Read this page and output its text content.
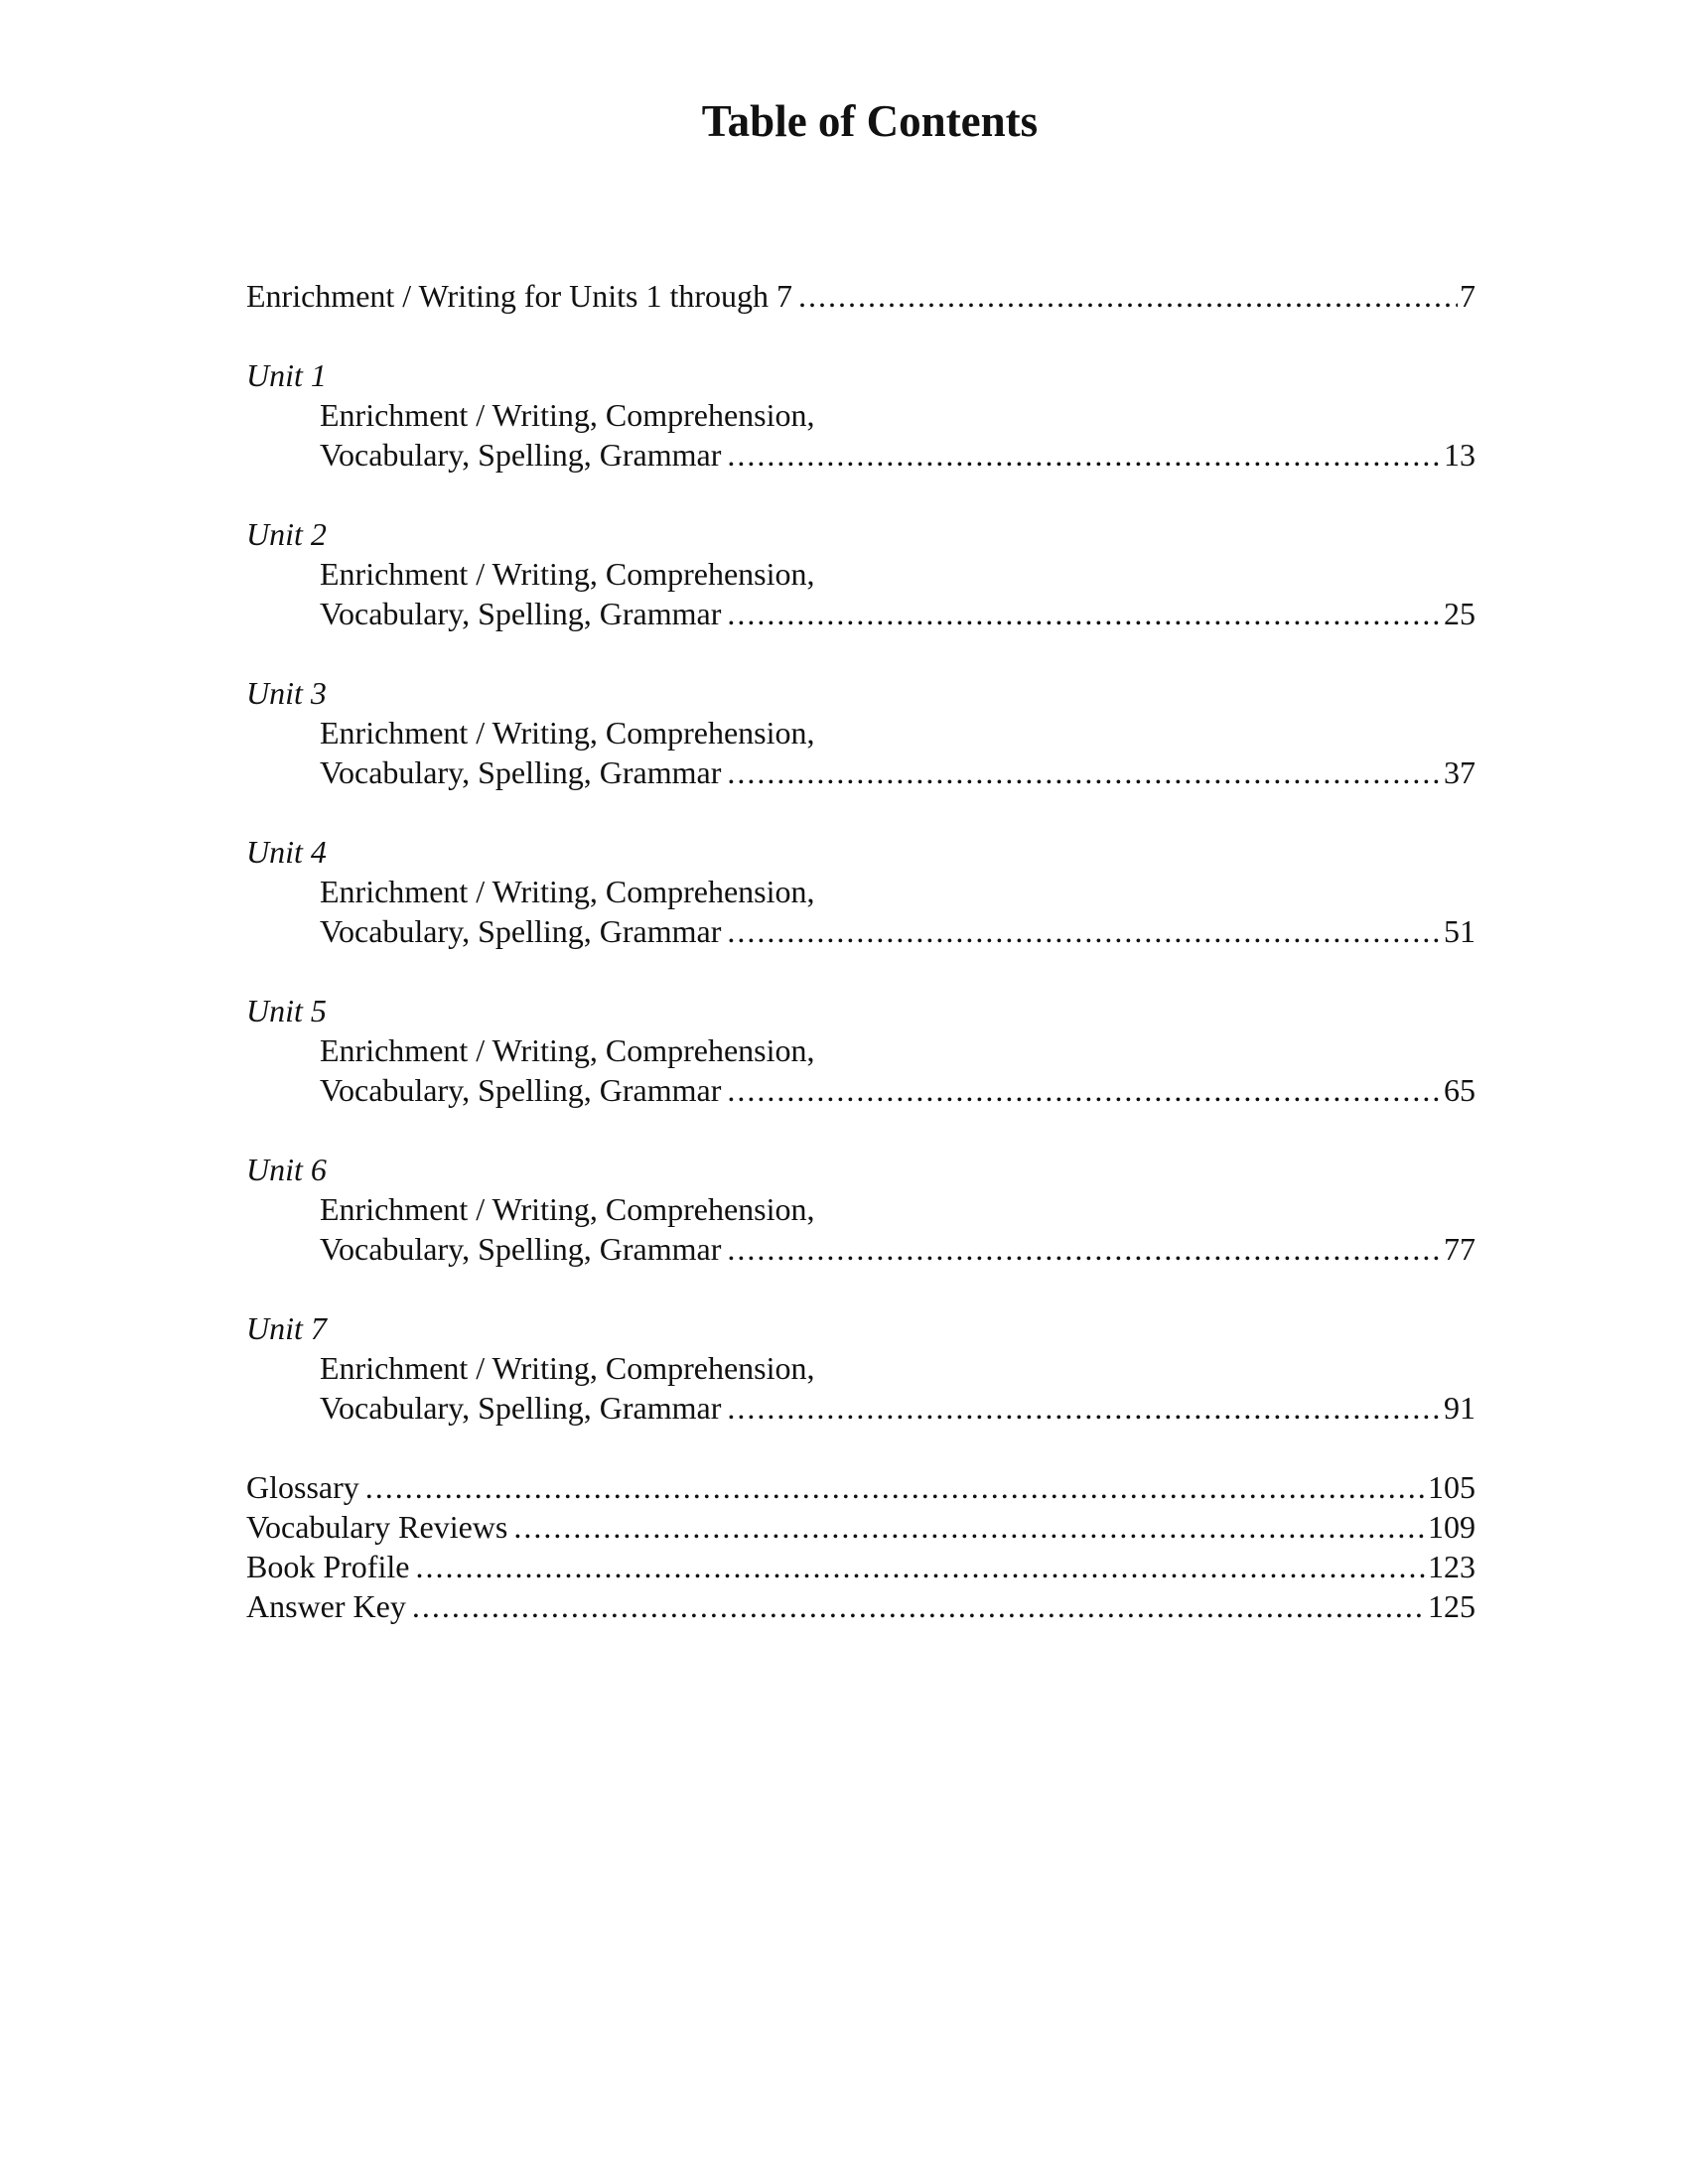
Table of Contents
Enrichment / Writing for Units 1 through 7 . . .	7
Unit 1
Enrichment / Writing, Comprehension,
Vocabulary, Spelling, Grammar . . .	13
Unit 2
Enrichment / Writing, Comprehension,
Vocabulary, Spelling, Grammar . . .	25
Unit 3
Enrichment / Writing, Comprehension,
Vocabulary, Spelling, Grammar . . .	37
Unit 4
Enrichment / Writing, Comprehension,
Vocabulary, Spelling, Grammar . . .	51
Unit 5
Enrichment / Writing, Comprehension,
Vocabulary, Spelling, Grammar . . .	65
Unit 6
Enrichment / Writing, Comprehension,
Vocabulary, Spelling, Grammar . . .	77
Unit 7
Enrichment / Writing, Comprehension,
Vocabulary, Spelling, Grammar . . .	91
Glossary . . .	105
Vocabulary Reviews . . .	109
Book Profile . . .	123
Answer Key . . .	125
